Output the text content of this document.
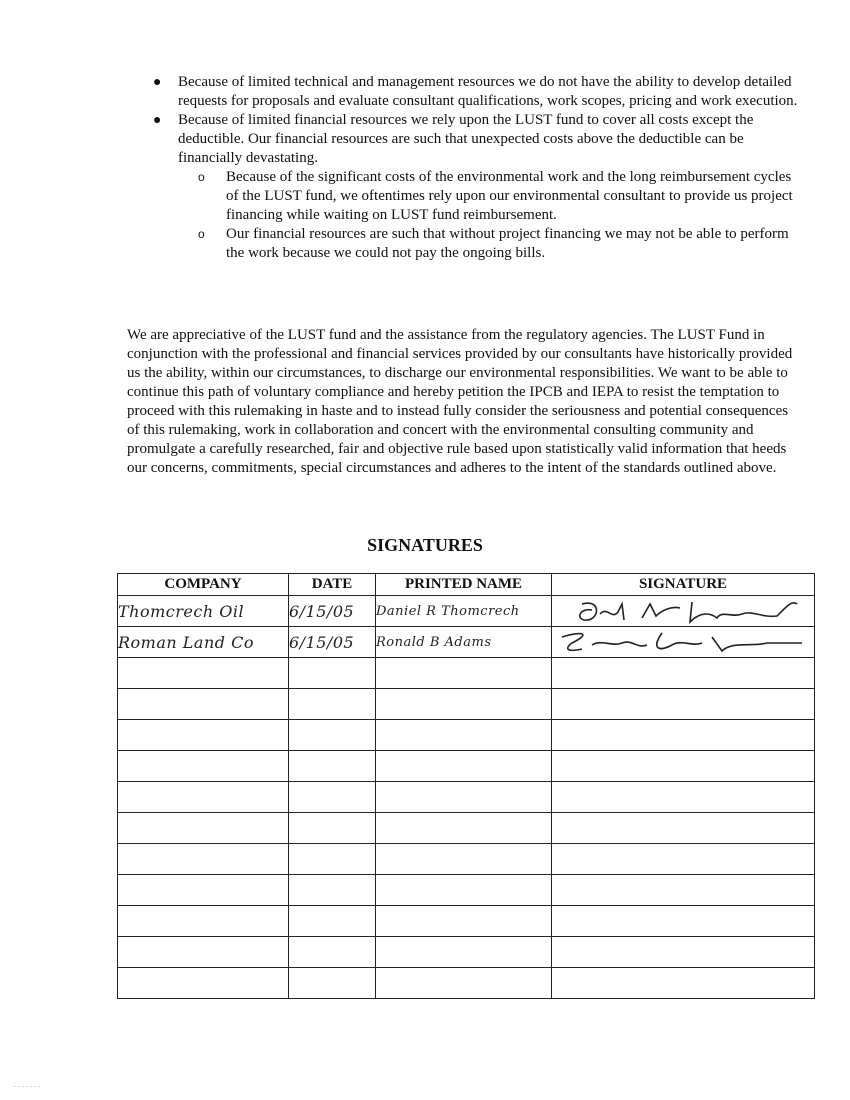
● Because of limited technical and management resources we do not have the ability to develop detailed requests for proposals and evaluate consultant qualifications, work scopes, pricing and work execution.
● Because of limited financial resources we rely upon the LUST fund to cover all costs except the deductible. Our financial resources are such that unexpected costs above the deductible can be financially devastating.
o Because of the significant costs of the environmental work and the long reimbursement cycles of the LUST fund, we oftentimes rely upon our environmental consultant to provide us project financing while waiting on LUST fund reimbursement.
o Our financial resources are such that without project financing we may not be able to perform the work because we could not pay the ongoing bills.
We are appreciative of the LUST fund and the assistance from the regulatory agencies. The LUST Fund in conjunction with the professional and financial services provided by our consultants have historically provided us the ability, within our circumstances, to discharge our environmental responsibilities. We want to be able to continue this path of voluntary compliance and hereby petition the IPCB and IEPA to resist the temptation to proceed with this rulemaking in haste and to instead fully consider the seriousness and potential consequences of this rulemaking, work in collaboration and concert with the environmental consulting community and promulgate a carefully researched, fair and objective rule based upon statistically valid information that heeds our concerns, commitments, special circumstances and adheres to the intent of the standards outlined above.
SIGNATURES
COMPANY	DATE	PRINTED NAME	SIGNATURE
Thomcrech Oil	6/15/05	Daniel R Thomcrech	

Roman Land Co	6/15/05	Ronald B Adams	

.......
